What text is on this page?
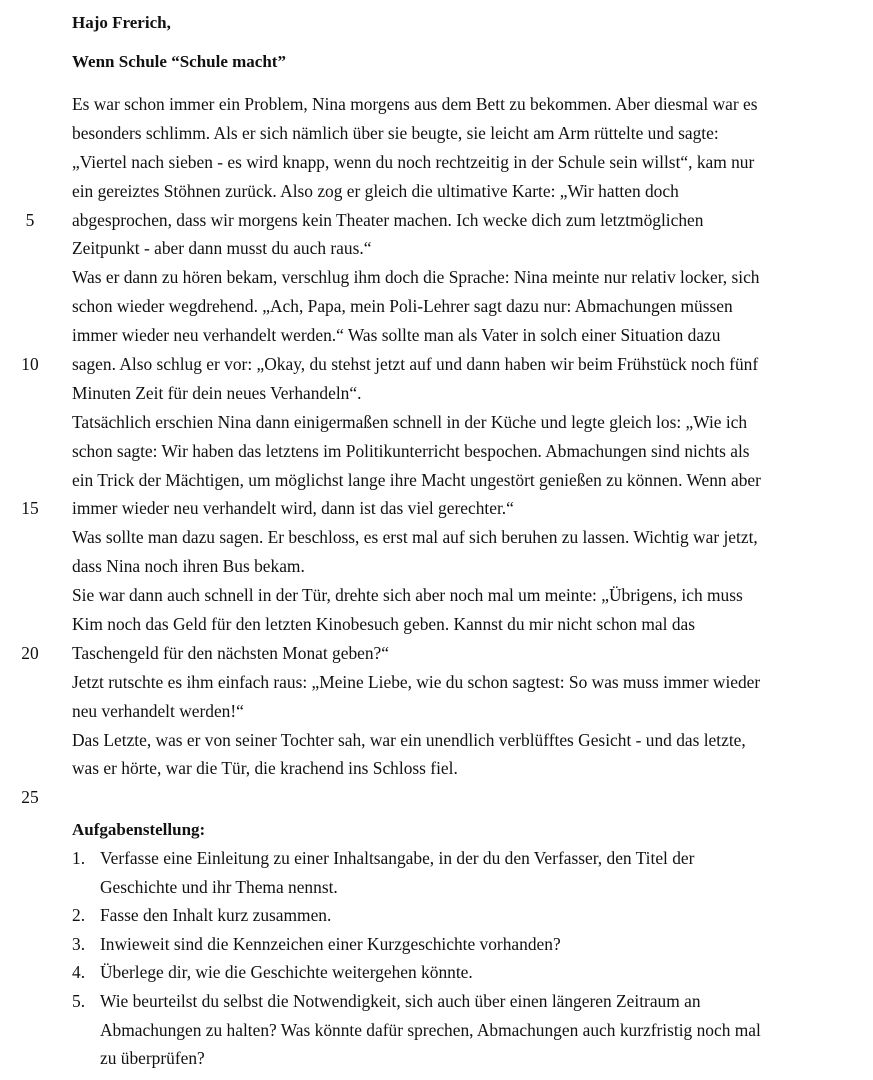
Hajo Frerich,
Wenn Schule “Schule macht”
Es war schon immer ein Problem, Nina morgens aus dem Bett zu bekommen. Aber diesmal war es
besonders schlimm. Als er sich nämlich über sie beugte, sie leicht am Arm rüttelte und sagte:
„Viertel nach sieben - es wird knapp, wenn du noch rechtzeitig in der Schule sein willst“, kam nur
ein gereiztes Stöhnen zurück. Also zog er gleich die ultimative Karte: „Wir hatten doch
5	abgesprochen, dass wir morgens kein Theater machen. Ich wecke dich zum letztmöglichen
Zeitpunkt - aber dann musst du auch raus.“
Was er dann zu hören bekam, verschlug ihm doch die Sprache: Nina meinte nur relativ locker, sich
schon wieder wegdrehend. „Ach, Papa, mein Poli-Lehrer sagt dazu nur: Abmachungen müssen
immer wieder neu verhandelt werden.“ Was sollte man als Vater in solch einer Situation dazu
10 sagen. Also schlug er vor: „Okay, du stehst jetzt auf und dann haben wir beim Frühstück noch fünf
Minuten Zeit für dein neues Verhandeln“.
Tatsächlich erschien Nina dann einigermaßen schnell in der Küche und legte gleich los: „Wie ich
schon sagte: Wir haben das letztens im Politikunterricht bespochen. Abmachungen sind nichts als
ein Trick der Mächtigen, um möglichst lange ihre Macht ungestört genießen zu können. Wenn aber
15 immer wieder neu verhandelt wird, dann ist das viel gerechter.“
Was sollte man dazu sagen. Er beschloss, es erst mal auf sich beruhen zu lassen. Wichtig war jetzt,
dass Nina noch ihren Bus bekam.
Sie war dann auch schnell in der Tür, drehte sich aber noch mal um meinte: „Übrigens, ich muss
Kim noch das Geld für den letzten Kinobesuch geben. Kannst du mir nicht schon mal das
20 Taschengeld für den nächsten Monat geben?“
Jetzt rutschte es ihm einfach raus: „Meine Liebe, wie du schon sagtest: So was muss immer wieder
neu verhandelt werden!“
Das Letzte, was er von seiner Tochter sah, war ein unendlich verblüfftes Gesicht - und das letzte,
was er hörte, war die Tür, die krachend ins Schloss fiel.
25
Aufgabenstellung:
1. Verfasse eine Einleitung zu einer Inhaltsangabe, in der du den Verfasser, den Titel der
Geschichte und ihr Thema nennst.
2. Fasse den Inhalt kurz zusammen.
3. Inwieweit sind die Kennzeichen einer Kurzgeschichte vorhanden?
4. Überlege dir, wie die Geschichte weitergehen könnte.
5. Wie beurteilst du selbst die Notwendigkeit, sich auch über einen längeren Zeitraum an
Abmachungen zu halten? Was könnte dafür sprechen, Abmachungen auch kurzfristig noch mal
zu überprüfen?
